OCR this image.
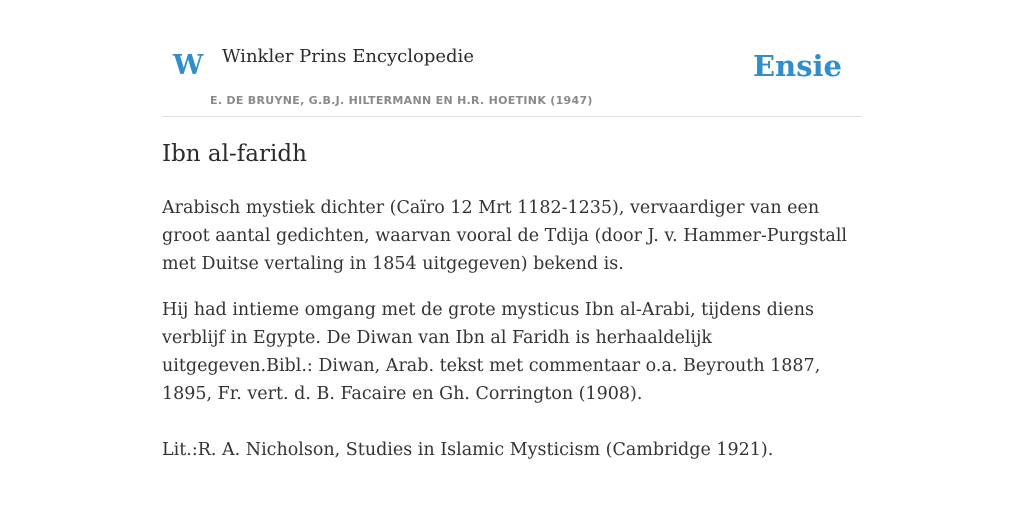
W Winkler Prins Encyclopedie
E. DE BRUYNE, G.B.J. HILTERMANN EN H.R. HOETINK (1947)
Ensie
Ibn al-faridh

Arabisch mystiek dichter (Caïro 12 Mrt 1182-1235), vervaardiger van een groot aantal gedichten, waarvan vooral de Tdija (door J. v. Hammer-Purgstall met Duitse vertaling in 1854 uitgegeven) bekend is.

Hij had intieme omgang met de grote mysticus Ibn al-Arabi, tijdens diens verblijf in Egypte. De Diwan van Ibn al Faridh is herhaaldelijk uitgegeven.Bibl.: Diwan, Arab. tekst met commentaar o.a. Beyrouth 1887, 1895, Fr. vert. d. B. Facaire en Gh. Corrington (1908).

Lit.:R. A. Nicholson, Studies in Islamic Mysticism (Cambridge 1921).
